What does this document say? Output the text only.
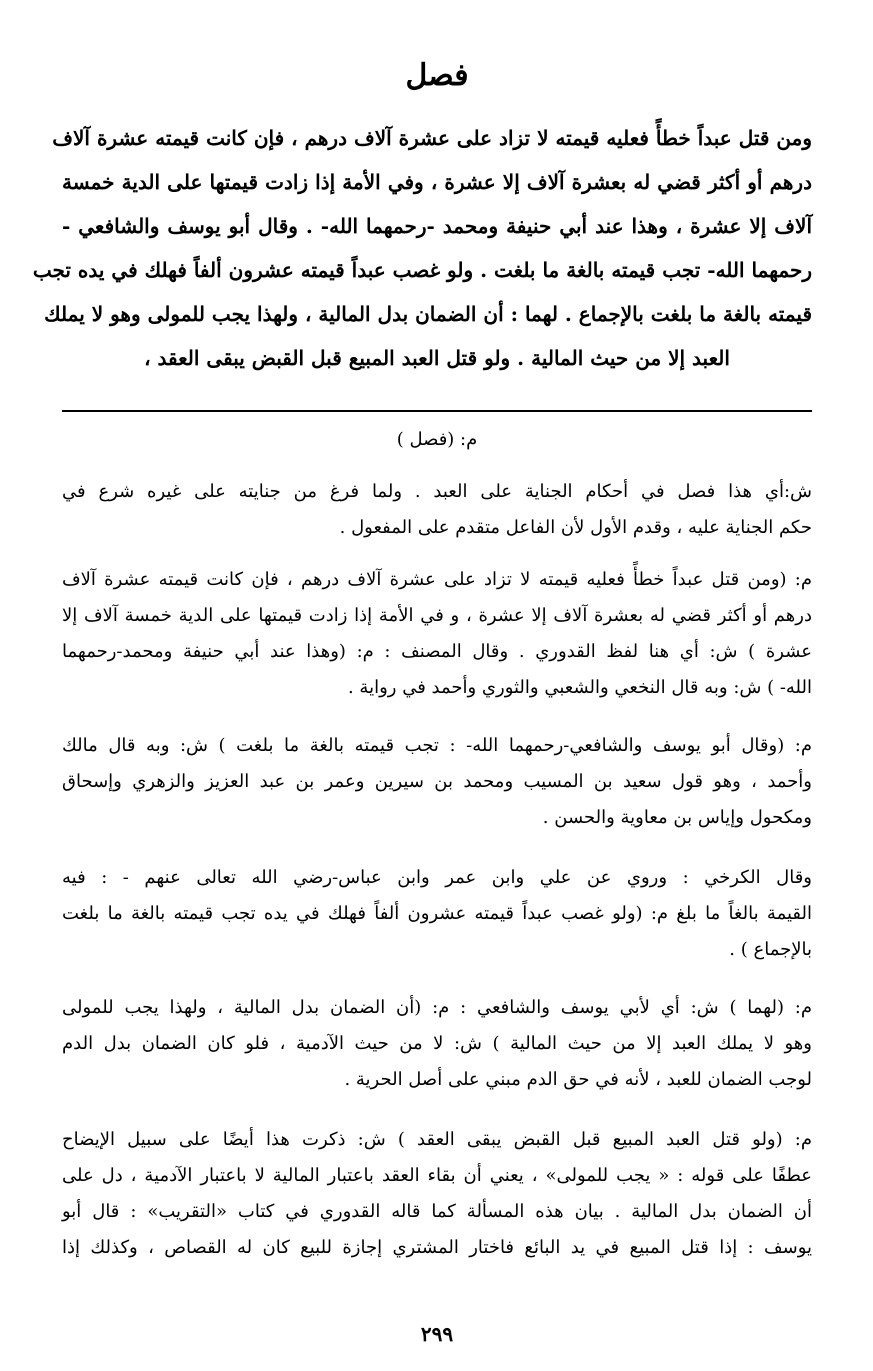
فصل
ومن قتل عبداً خطأً فعليه قيمته لا تزاد على عشرة آلاف درهم ، فإن كانت قيمته عشرة آلاف
درهم أو أكثر قضي له بعشرة آلاف إلا عشرة ، وفي الأمة إذا زادت قيمتها على الدية خمسة
آلاف إلا عشرة ، وهذا عند أبي حنيفة ومحمد -رحمهما الله- . وقال أبو يوسف والشافعي -
رحمهما الله- تجب قيمته بالغة ما بلغت . ولو غصب عبداً قيمته عشرون ألفاً فهلك في يده تجب
قيمته بالغة ما بلغت بالإجماع . لهما : أن الضمان بدل المالية ، ولهذا يجب للمولى وهو لا يملك
العبد إلا من حيث المالية . ولو قتل العبد المبيع قبل القبض يبقى العقد ،
م: (فصل )
ش:أي هذا فصل في أحكام الجناية على العبد . ولما فرغ من جنايته على غيره شرع في
حكم الجناية عليه ، وقدم الأول لأن الفاعل متقدم على المفعول .
م: (ومن قتل عبداً خطأً فعليه قيمته لا تزاد على عشرة آلاف درهم ، فإن كانت قيمته عشرة آلاف
درهم أو أكثر قضي له بعشرة آلاف إلا عشرة ، و في الأمة إذا زادت قيمتها على الدية خمسة آلاف إلا
عشرة ) ش: أي هنا لفظ القدوري . وقال المصنف : م: (وهذا عند أبي حنيفة ومحمد-رحمهما
الله- ) ش: وبه قال النخعي والشعبي والثوري وأحمد في رواية .
م: (وقال أبو يوسف والشافعي-رحمهما الله- : تجب قيمته بالغة ما بلغت ) ش: وبه قال مالك
وأحمد ، وهو قول سعيد بن المسيب ومحمد بن سيرين وعمر بن عبد العزيز والزهري وإسحاق
ومكحول وإياس بن معاوية والحسن .
وقال الكرخي : وروي عن علي وابن عمر وابن عباس-رضي الله تعالى عنهم - : فيه
القيمة بالغاً ما بلغ م: (ولو غصب عبداً قيمته عشرون ألفاً فهلك في يده تجب قيمته بالغة ما بلغت
بالإجماع ) .
م: (لهما ) ش: أي لأبي يوسف والشافعي : م: (أن الضمان بدل المالية ، ولهذا يجب للمولى
وهو لا يملك العبد إلا من حيث المالية ) ش: لا من حيث الآدمية ، فلو كان الضمان بدل الدم
لوجب الضمان للعبد ، لأنه في حق الدم مبني على أصل الحرية .
م: (ولو قتل العبد المبيع قبل القبض يبقى العقد ) ش: ذكرت هذا أيضًا على سبيل الإيضاح
عطفًا على قوله : « يجب للمولى» ، يعني أن بقاء العقد باعتبار المالية لا باعتبار الآدمية ، دل على
أن الضمان بدل المالية . بيان هذه المسألة كما قاله القدوري في كتاب «التقريب» : قال أبو
يوسف : إذا قتل المبيع في يد البائع فاختار المشتري إجازة للبيع كان له القصاص ، وكذلك إذا
٢٩٩
